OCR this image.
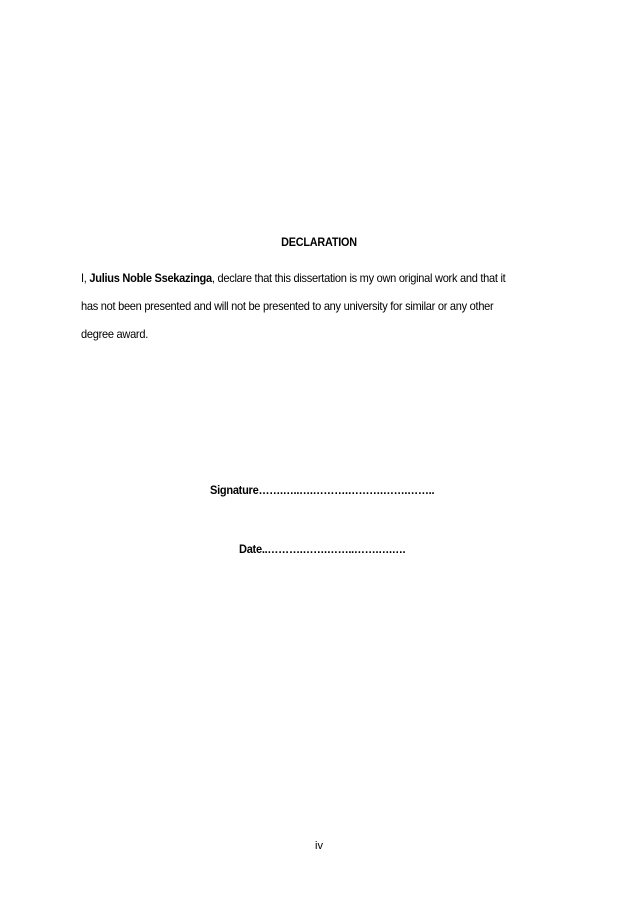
DECLARATION
I, Julius Noble Ssekazinga, declare that this dissertation is my own original work and that it
has not been presented and will not be presented to any university for similar or any other
degree award.
Signature…….…..….……….……….…….……..
Date..……….…….……..…….….….
iv
